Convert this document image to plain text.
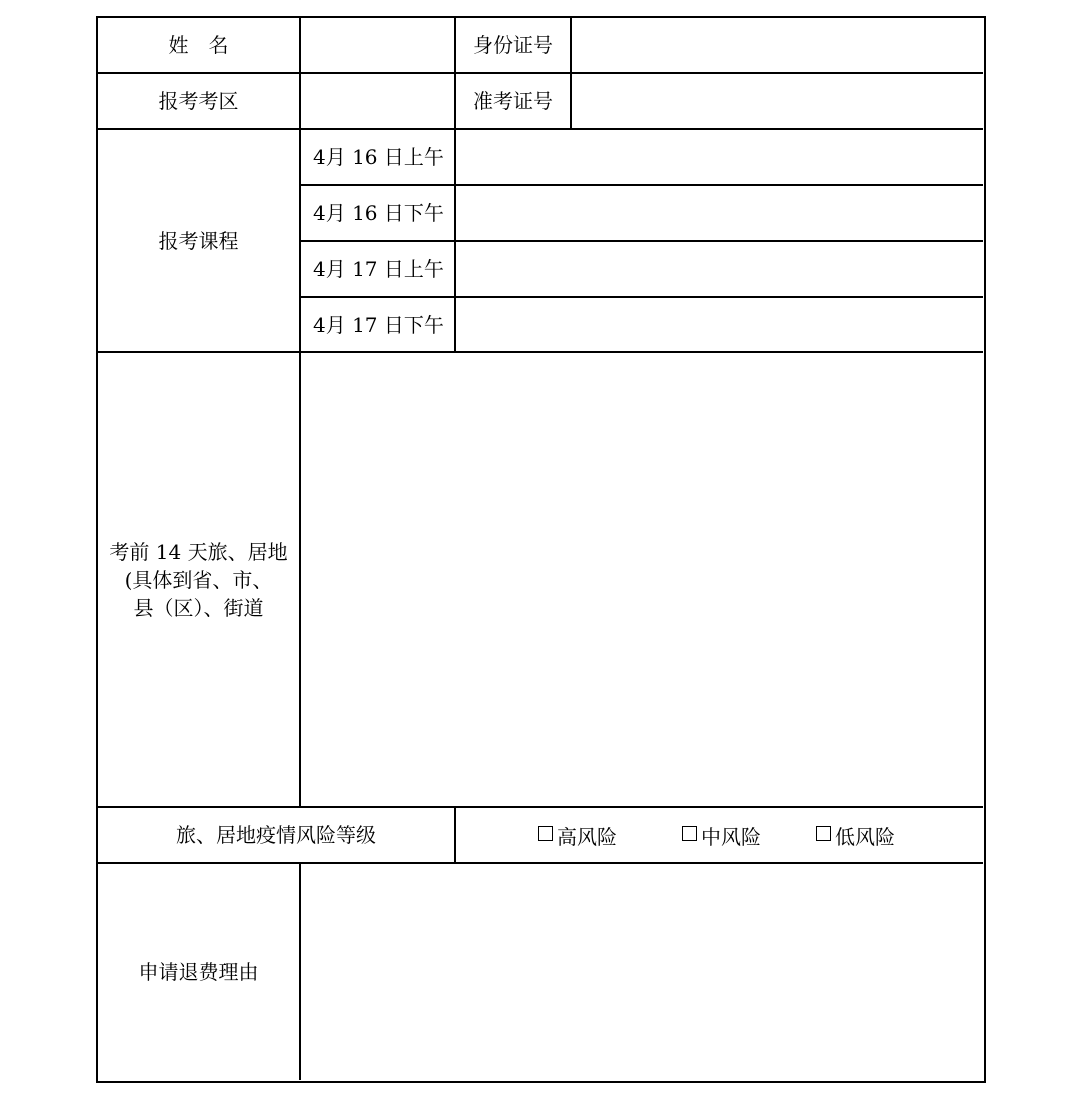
姓　名	身份证号
报考考区	准考证号
报考课程
4月 16 日上午
4月 16 日下午
4月 17 日上午
4月 17 日下午
考前 14 天旅、居地
(具体到省、市、
县（区）、街道
旅、居地疫情风险等级	高风险	中风险	低风险
申请退费理由
